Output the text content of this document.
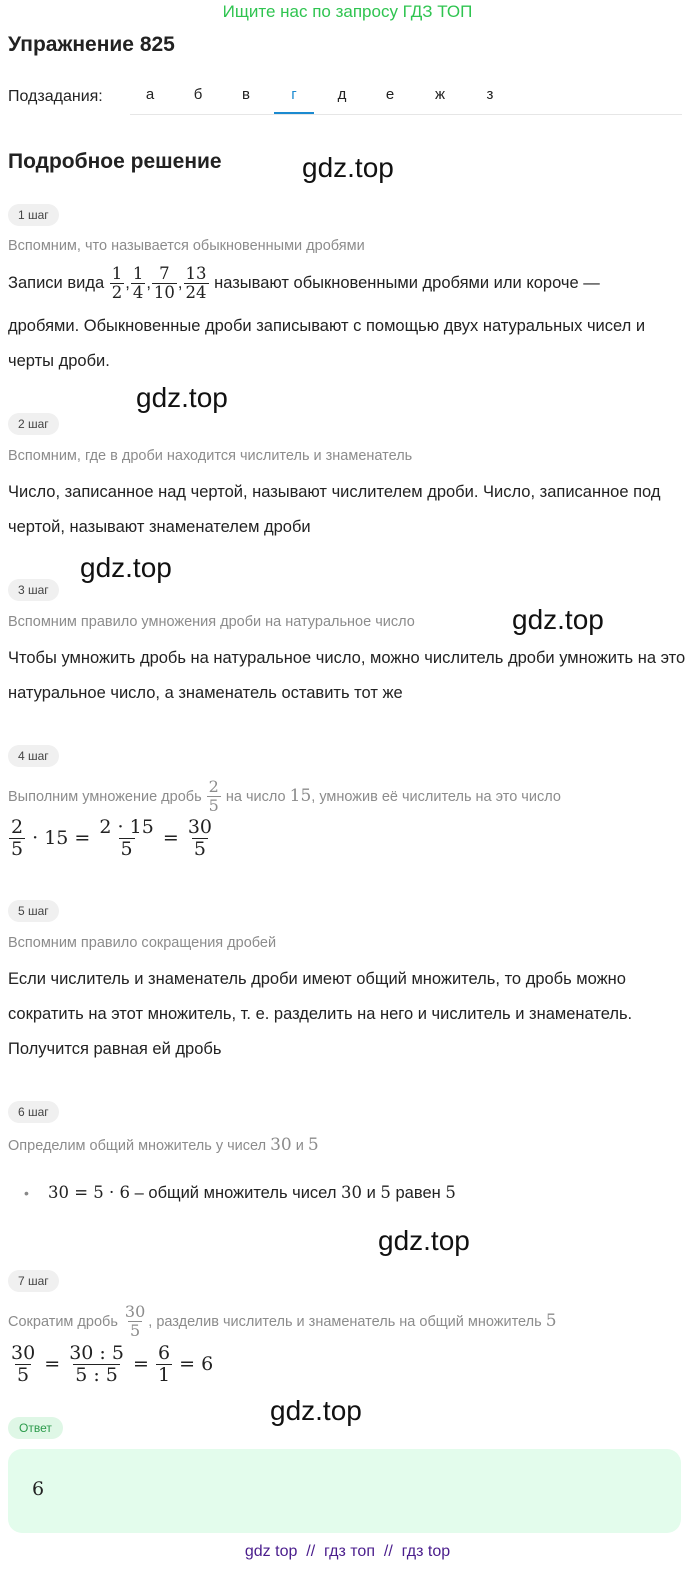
Ищите нас по запросу ГДЗ ТОП
Упражнение 825
Подзадания:	а	б	в	г	д	е	ж	з
Подробное решение	gdz.top
gdz.top
gdz.top
gdz.top
gdz.top
gdz.top
1 шаг
Вспомним, что называется обыкновенными дробями
Записи вида $\frac{1}{2}$ , $\frac{1}{4}$ , $\frac{7}{10}$ , $\frac{13}{24}$ называют обыкновенными дробями или короче —
дробями. Обыкновенные дроби записывают с помощью двух натуральных чисел и черты дроби.
2 шаг
Вспомним, где в дроби находится числитель и знаменатель
Число, записанное над чертой, называют числителем дроби. Число, записанное под чертой, называют знаменателем дроби
3 шаг
Вспомним правило умножения дроби на натуральное число
Чтобы умножить дробь на натуральное число, можно числитель дроби умножить на это натуральное число, а знаменатель оставить тот же
4 шаг
Выполним умножение дробь $\frac{2}{5}$ на число 15, умножив её числитель на это число
$\frac{2}{5} \cdot 15 = \frac{2 \cdot 15}{5} = \frac{30}{5}$
5 шаг
Вспомним правило сокращения дробей
Если числитель и знаменатель дроби имеют общий множитель, то дробь можно сократить на этот множитель, т. е. разделить на него и числитель и знаменатель. Получится равная ей дробь
6 шаг
Определим общий множитель у чисел 30 и 5
• 30 = 5 · 6 – общий множитель чисел 30 и 5 равен 5
7 шаг
Сократим дробь $\frac{30}{5}$ , разделив числитель и знаменатель на общий множитель 5
$\frac{30}{5} = \frac{30 : 5}{5 : 5} = \frac{6}{1} = 6$
Ответ
6
gdz top  //  гдз топ  //  гдз top
